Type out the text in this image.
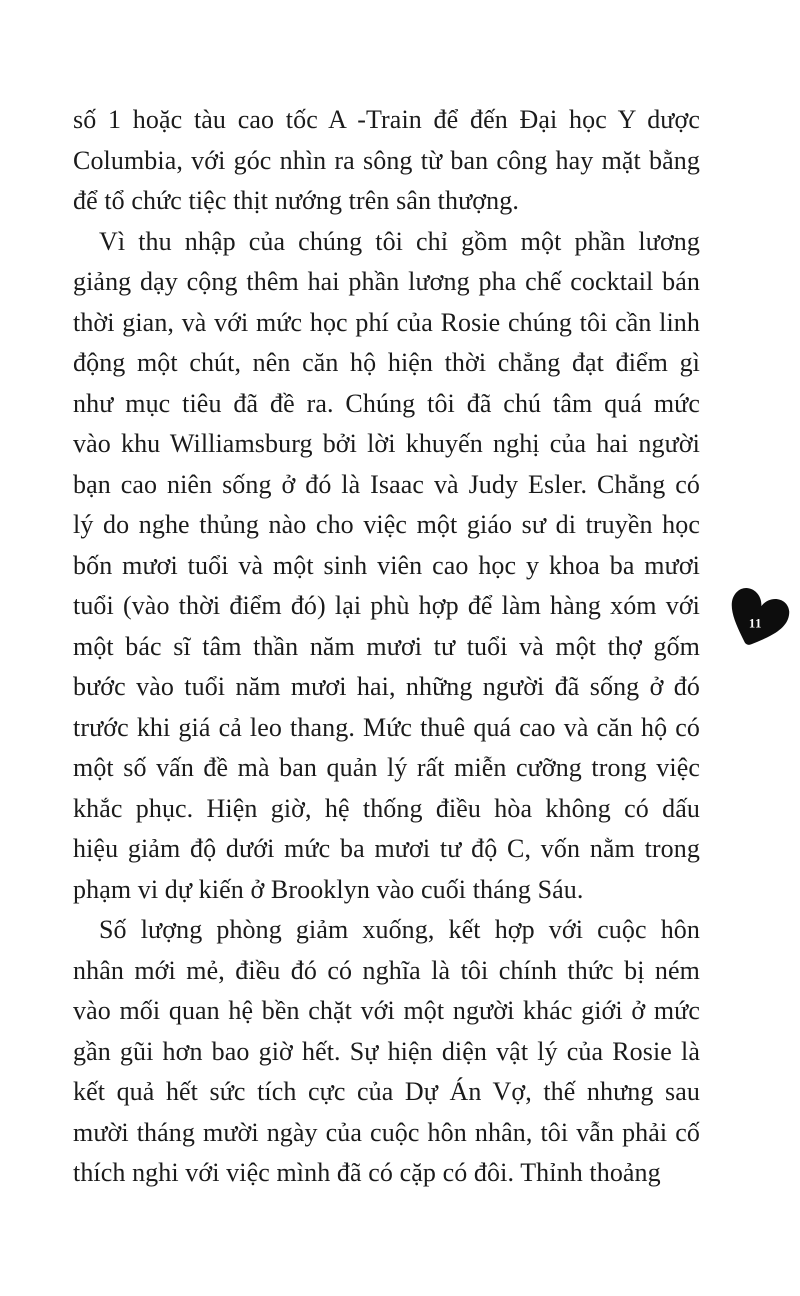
số 1 hoặc tàu cao tốc A -Train để đến Đại học Y dược
Columbia, với góc nhìn ra sông từ ban công hay mặt bằng
để tổ chức tiệc thịt nướng trên sân thượng.

Vì thu nhập của chúng tôi chỉ gồm một phần lương
giảng dạy cộng thêm hai phần lương pha chế cocktail bán
thời gian, và với mức học phí của Rosie chúng tôi cần linh
động một chút, nên căn hộ hiện thời chẳng đạt điểm gì
như mục tiêu đã đề ra. Chúng tôi đã chú tâm quá mức
vào khu Williamsburg bởi lời khuyến nghị của hai người
bạn cao niên sống ở đó là Isaac và Judy Esler. Chẳng có
lý do nghe thủng nào cho việc một giáo sư di truyền học
bốn mươi tuổi và một sinh viên cao học y khoa ba mươi
tuổi (vào thời điểm đó) lại phù hợp để làm hàng xóm với
một bác sĩ tâm thần năm mươi tư tuổi và một thợ gốm
bước vào tuổi năm mươi hai, những người đã sống ở đó
trước khi giá cả leo thang. Mức thuê quá cao và căn hộ có
một số vấn đề mà ban quản lý rất miễn cưỡng trong việc
khắc phục. Hiện giờ, hệ thống điều hòa không có dấu
hiệu giảm độ dưới mức ba mươi tư độ C, vốn nằm trong
phạm vi dự kiến ở Brooklyn vào cuối tháng Sáu.

Số lượng phòng giảm xuống, kết hợp với cuộc hôn
nhân mới mẻ, điều đó có nghĩa là tôi chính thức bị ném
vào mối quan hệ bền chặt với một người khác giới ở mức
gần gũi hơn bao giờ hết. Sự hiện diện vật lý của Rosie là
kết quả hết sức tích cực của Dự Án Vợ, thế nhưng sau
mười tháng mười ngày của cuộc hôn nhân, tôi vẫn phải cố
thích nghi với việc mình đã có cặp có đôi. Thỉnh thoảng

11
